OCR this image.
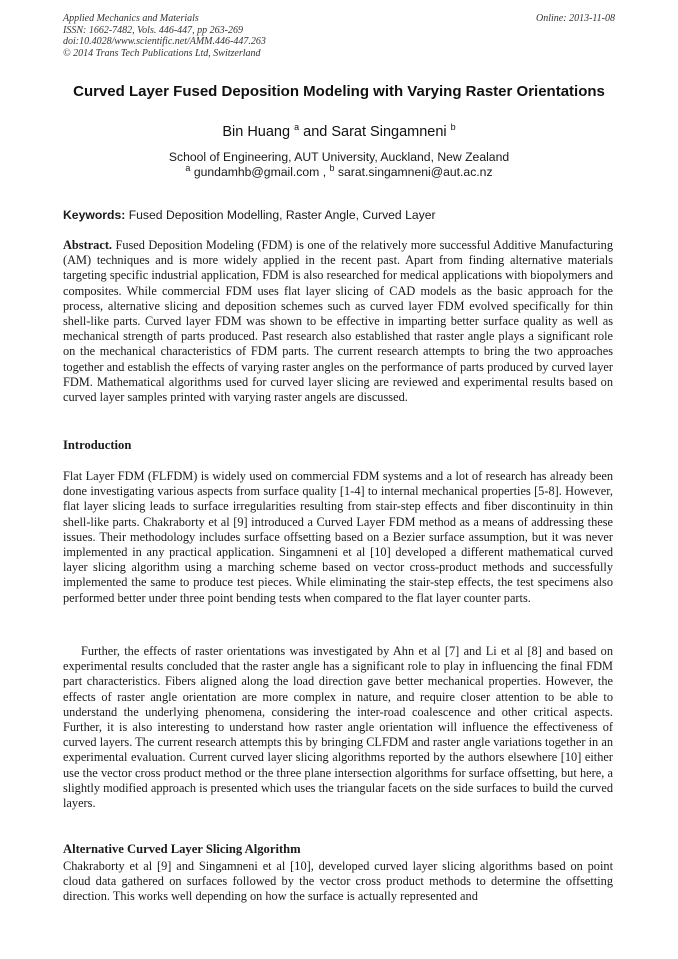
Applied Mechanics and Materials
ISSN: 1662-7482, Vols. 446-447, pp 263-269
doi:10.4028/www.scientific.net/AMM.446-447.263
© 2014 Trans Tech Publications Ltd, Switzerland
Online: 2013-11-08
Curved Layer Fused Deposition Modeling with Varying Raster Orientations
Bin Huang $^a$ and Sarat Singamneni $^b$
School of Engineering, AUT University, Auckland, New Zealand
$^a$ gundamhb@gmail.com , $^b$ sarat.singamneni@aut.ac.nz
Keywords: Fused Deposition Modelling, Raster Angle, Curved Layer

Abstract. Fused Deposition Modeling (FDM) is one of the relatively more successful Additive Manufacturing (AM) techniques and is more widely applied in the recent past. Apart from finding alternative materials targeting specific industrial application, FDM is also researched for medical applications with biopolymers and composites. While commercial FDM uses flat layer slicing of CAD models as the basic approach for the process, alternative slicing and deposition schemes such as curved layer FDM evolved specifically for thin shell-like parts. Curved layer FDM was shown to be effective in imparting better surface quality as well as mechanical strength of parts produced. Past research also established that raster angle plays a significant role on the mechanical characteristics of FDM parts. The current research attempts to bring the two approaches together and establish the effects of varying raster angles on the performance of parts produced by curved layer FDM. Mathematical algorithms used for curved layer slicing are reviewed and experimental results based on curved layer samples printed with varying raster angels are discussed.

Introduction

Flat Layer FDM (FLFDM) is widely used on commercial FDM systems and a lot of research has already been done investigating various aspects from surface quality [1-4] to internal mechanical properties [5-8]. However, flat layer slicing leads to surface irregularities resulting from stair-step effects and fiber discontinuity in thin shell-like parts. Chakraborty et al [9] introduced a Curved Layer FDM method as a means of addressing these issues. Their methodology includes surface offsetting based on a Bezier surface assumption, but it was never implemented in any practical application. Singamneni et al [10] developed a different mathematical curved layer slicing algorithm using a marching scheme based on vector cross-product methods and successfully implemented the same to produce test pieces. While eliminating the stair-step effects, the test specimens also performed better under three point bending tests when compared to the flat layer counter parts.

Further, the effects of raster orientations was investigated by Ahn et al [7] and Li et al [8] and based on experimental results concluded that the raster angle has a significant role to play in influencing the final FDM part characteristics. Fibers aligned along the load direction gave better mechanical properties. However, the effects of raster angle orientation are more complex in nature, and require closer attention to be able to understand the underlying phenomena, considering the inter-road coalescence and other critical aspects. Further, it is also interesting to understand how raster angle orientation will influence the effectiveness of curved layers. The current research attempts this by bringing CLFDM and raster angle variations together in an experimental evaluation. Current curved layer slicing algorithms reported by the authors elsewhere [10] either use the vector cross product method or the three plane intersection algorithms for surface offsetting, but here, a slightly modified approach is presented which uses the triangular facets on the side surfaces to build the curved layers.

Alternative Curved Layer Slicing Algorithm

Chakraborty et al [9] and Singamneni et al [10], developed curved layer slicing algorithms based on point cloud data gathered on surfaces followed by the vector cross product methods to determine the offsetting direction. This works well depending on how the surface is actually represented and
